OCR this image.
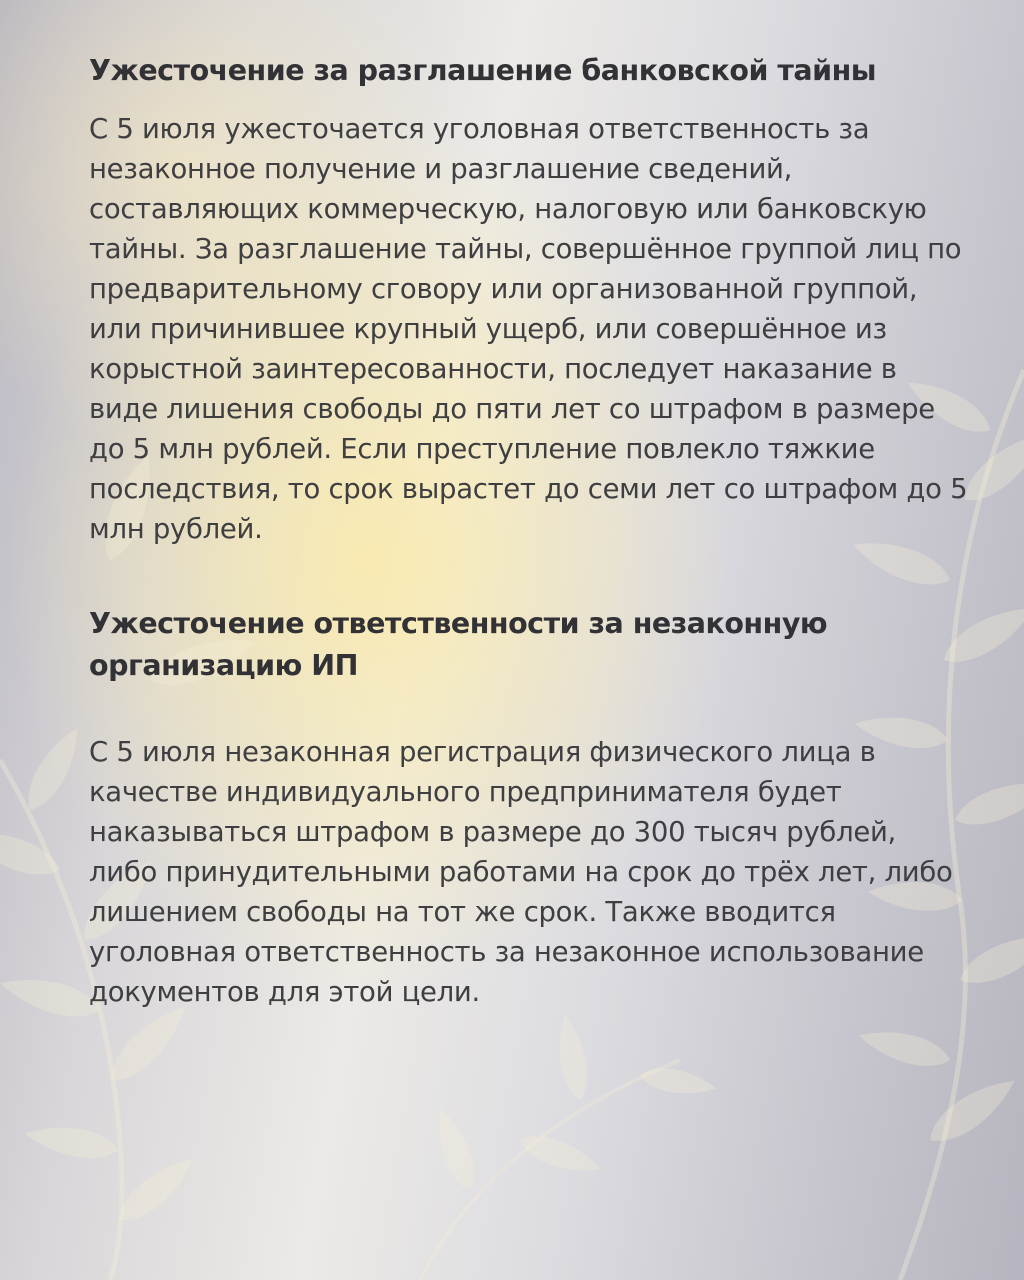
Ужесточение за разглашение банковской тайны

С 5 июля ужесточается уголовная ответственность за незаконное получение и разглашение сведений, составляющих коммерческую, налоговую или банковскую тайны. За разглашение тайны, совершённое группой лиц по предварительному сговору или организованной группой, или причинившее крупный ущерб, или совершённое из корыстной заинтересованности, последует наказание в виде лишения свободы до пяти лет со штрафом в размере до 5 млн рублей. Если преступление повлекло тяжкие последствия, то срок вырастет до семи лет со штрафом до 5 млн рублей.

Ужесточение ответственности за незаконную организацию ИП

С 5 июля незаконная регистрация физического лица в качестве индивидуального предпринимателя будет наказываться штрафом в размере до 300 тысяч рублей, либо принудительными работами на срок до трёх лет, либо лишением свободы на тот же срок. Также вводится уголовная ответственность за незаконное использование документов для этой цели.
